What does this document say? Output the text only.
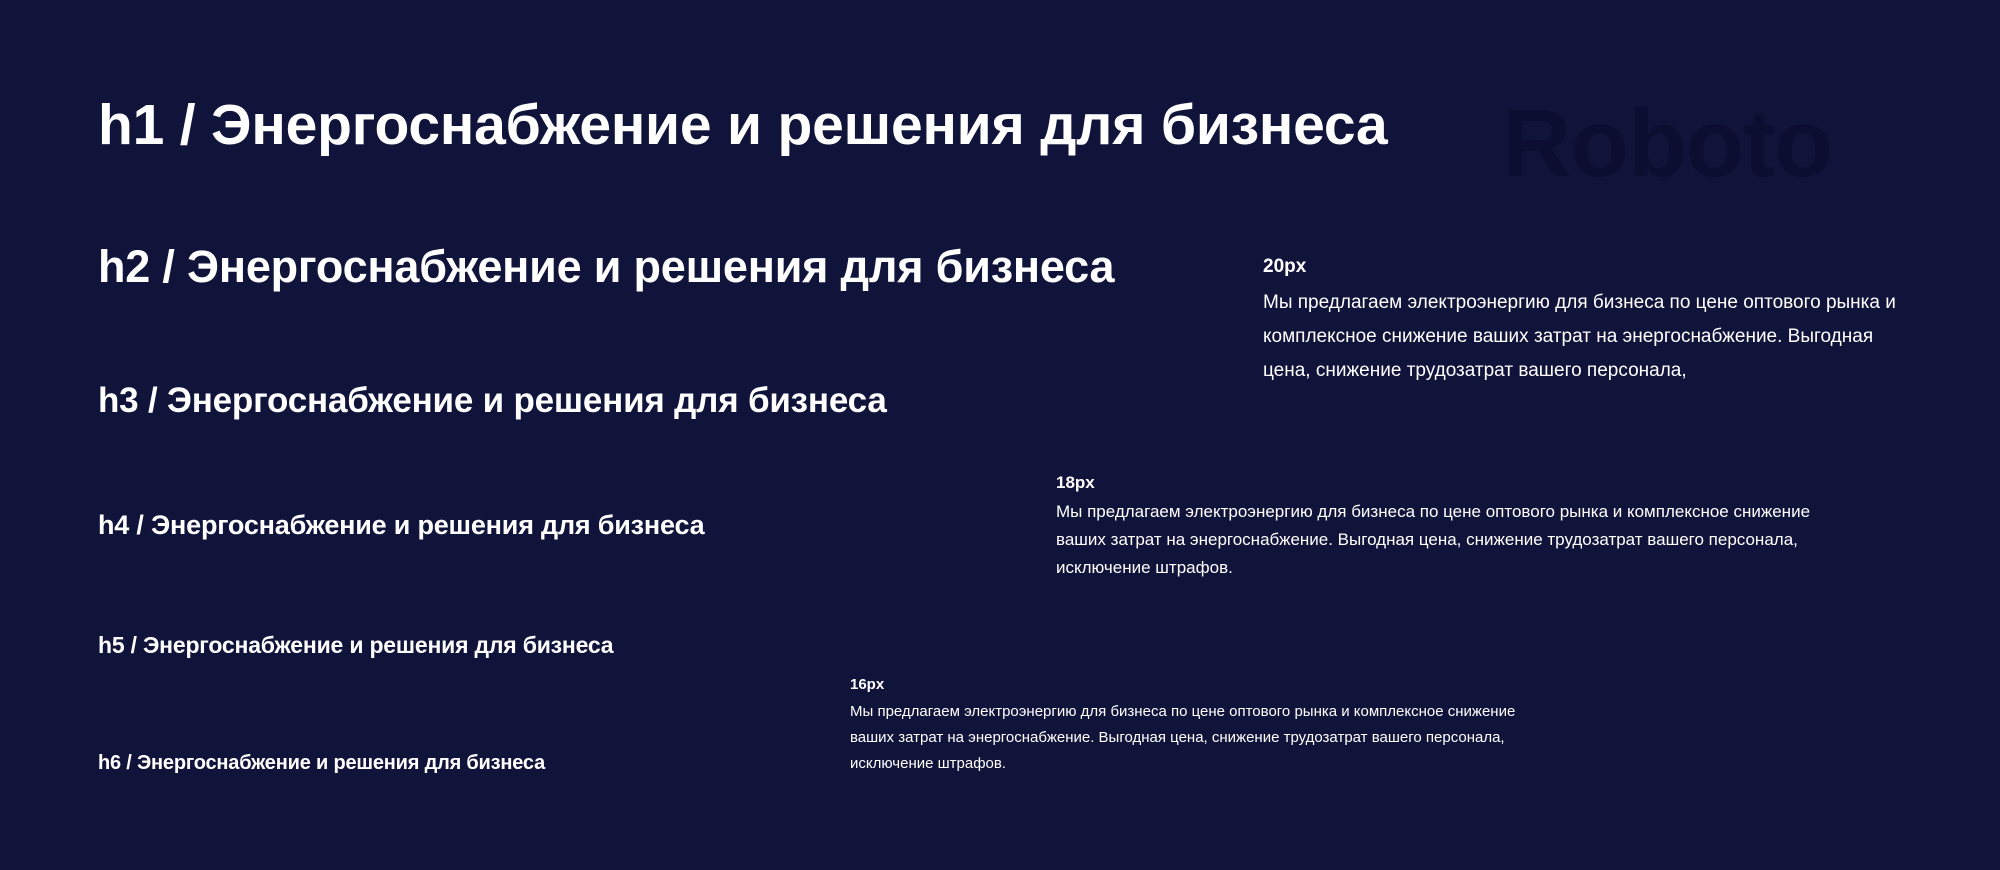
h1 / Энергоснабжение и решения для бизнеса Roboto
h2 / Энергоснабжение и решения для бизнеса
h3 / Энергоснабжение и решения для бизнеса
h4 / Энергоснабжение и решения для бизнеса
h5 / Энергоснабжение и решения для бизнеса
h6 / Энергоснабжение и решения для бизнеса
20px

Мы предлагаем электроэнергию для бизнеса по цене оптового рынка и комплексное снижение ваших затрат на энергоснабжение. Выгодная цена, снижение трудозатрат вашего персонала,

18px

Мы предлагаем электроэнергию для бизнеса по цене оптового рынка и комплексное снижение ваших затрат на энергоснабжение. Выгодная цена, снижение трудозатрат вашего персонала, исключение штрафов.

16px

Мы предлагаем электроэнергию для бизнеса по цене оптового рынка и комплексное снижение ваших затрат на энергоснабжение. Выгодная цена, снижение трудозатрат вашего персонала, исключение штрафов.
